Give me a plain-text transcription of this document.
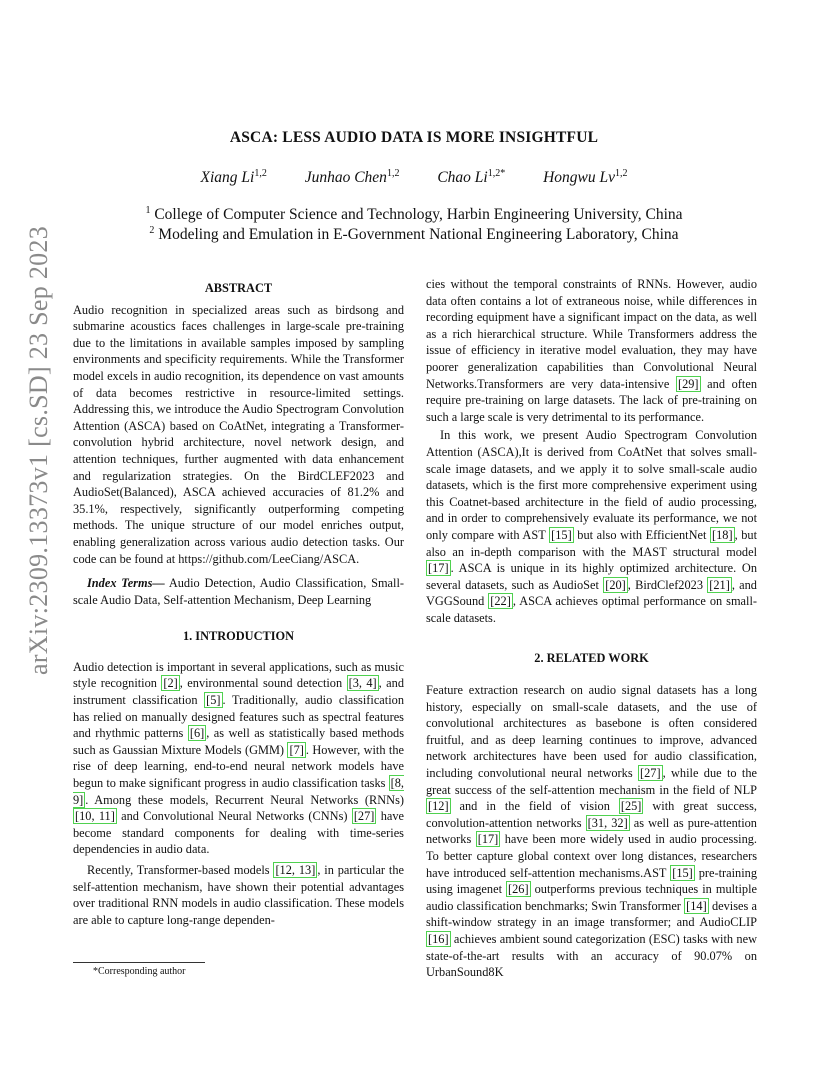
arXiv:2309.13373v1 [cs.SD] 23 Sep 2023
ASCA: LESS AUDIO DATA IS MORE INSIGHTFUL
Xiang Li$^{1,2}$ Junhao Chen$^{1,2}$ Chao $Li^{1,2*}$ Hongwu Lv$^{1,2}$
$^1$ College of Computer Science and Technology, Harbin Engineering University, China
$^2$ Modeling and Emulation in E-Government National Engineering Laboratory, China
ABSTRACT

Audio recognition in specialized areas such as birdsong and submarine acoustics faces challenges in large-scale pre-training due to the limitations in available samples imposed by sampling environments and specificity requirements. While the Transformer model excels in audio recognition, its dependence on vast amounts of data becomes restrictive in resource-limited settings. Addressing this, we introduce the Audio Spectrogram Convolution Attention (ASCA) based on CoAtNet, integrating a Transformer-convolution hybrid architecture, novel network design, and attention techniques, further augmented with data enhancement and regularization strategies. On the BirdCLEF2023 and AudioSet(Balanced), ASCA achieved accuracies of 81.2% and 35.1%, respectively, significantly outperforming competing methods. The unique structure of our model enriches output, enabling generalization across various audio detection tasks. Our code can be found at https://github.com/LeeCiang/ASCA.

Index Terms— Audio Detection, Audio Classification, Small-scale Audio Data, Self-attention Mechanism, Deep Learning

1. INTRODUCTION

Audio detection is important in several applications, such as music style recognition [2] , environmental sound detection [3, 4] , and instrument classification [5] . Traditionally, audio classification has relied on manually designed features such as spectral features and rhythmic patterns [6] , as well as statistically based methods such as Gaussian Mixture Models (GMM) [7] . However, with the rise of deep learning, end-to-end neural network models have begun to make significant progress in audio classification tasks [8, 9] . Among these models, Recurrent Neural Networks (RNNs) [10, 11] and Convolutional Neural Networks (CNNs) [27] have become standard components for dealing with time-series dependencies in audio data.

Recently, Transformer-based models [12, 13] , in particular the self-attention mechanism, have shown their potential advantages over traditional RNN models in audio classification. These models are able to capture long-range dependen-

cies without the temporal constraints of RNNs. However, audio data often contains a lot of extraneous noise, while differences in recording equipment have a significant impact on the data, as well as a rich hierarchical structure. While Transformers address the issue of efficiency in iterative model evaluation, they may have poorer generalization capabilities than Convolutional Neural Networks.Transformers are very data-intensive [29] and often require pre-training on large datasets. The lack of pre-training on such a large scale is very detrimental to its performance.

In this work, we present Audio Spectrogram Convolution Attention (ASCA),It is derived from CoAtNet that solves small-scale image datasets, and we apply it to solve small-scale audio datasets, which is the first more comprehensive experiment using this Coatnet-based architecture in the field of audio processing, and in order to comprehensively evaluate its performance, we not only compare with AST [15] but also with EfficientNet [18] , but also an in-depth comparison with the MAST structural model [17] . ASCA is unique in its highly optimized architecture. On several datasets, such as AudioSet [20] , BirdClef2023 [21] , and VGGSound [22] , ASCA achieves optimal performance on small-scale datasets.

2. RELATED WORK

Feature extraction research on audio signal datasets has a long history, especially on small-scale datasets, and the use of convolutional architectures as basebone is often considered fruitful, and as deep learning continues to improve, advanced network architectures have been used for audio classification, including convolutional neural networks [27] , while due to the great success of the self-attention mechanism in the field of NLP [12] and in the field of vision [25] with great success, convolution-attention networks [31, 32] as well as pure-attention networks [17] have been more widely used in audio processing. To better capture global context over long distances, researchers have introduced self-attention mechanisms.AST [15] pre-training using imagenet [26] outperforms previous techniques in multiple audio classification benchmarks; Swin Transformer [14] devises a shift-window strategy in an image transformer; and AudioCLIP [16] achieves ambient sound categorization (ESC) tasks with new state-of-the-art results with an accuracy of 90.07% on UrbanSound8K

*Corresponding author
